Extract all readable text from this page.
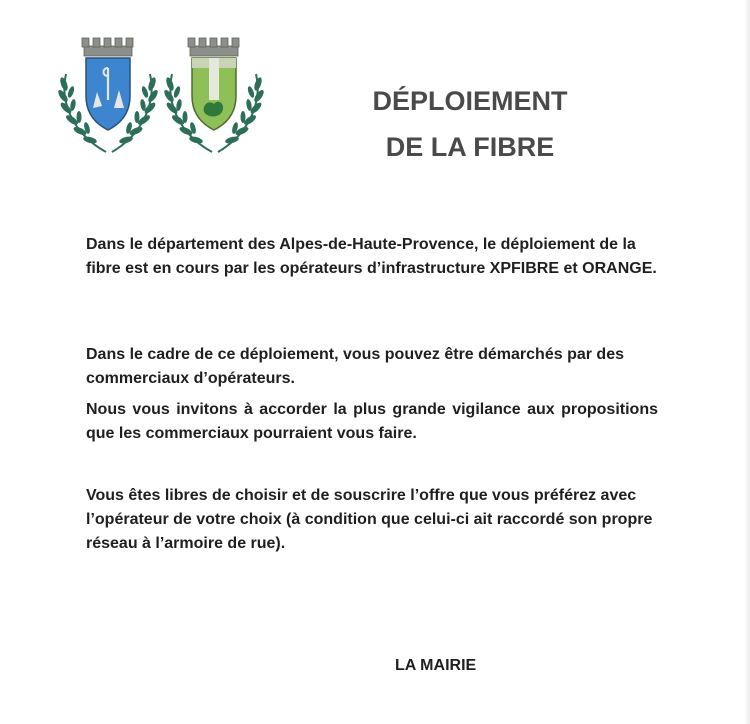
DÉPLOIEMENT
DE LA FIBRE

Dans le département des Alpes-de-Haute-Provence, le déploiement de la fibre est en cours par les opérateurs d’infrastructure XPFIBRE et ORANGE.

Dans le cadre de ce déploiement, vous pouvez être démarchés par des commerciaux d’opérateurs.

Nous vous invitons à accorder la plus grande vigilance aux propositions que les commerciaux pourraient vous faire.

Vous êtes libres de choisir et de souscrire l’offre que vous préférez avec l’opérateur de votre choix (à condition que celui-ci ait raccordé son propre réseau à l’armoire de rue).

LA MAIRIE
